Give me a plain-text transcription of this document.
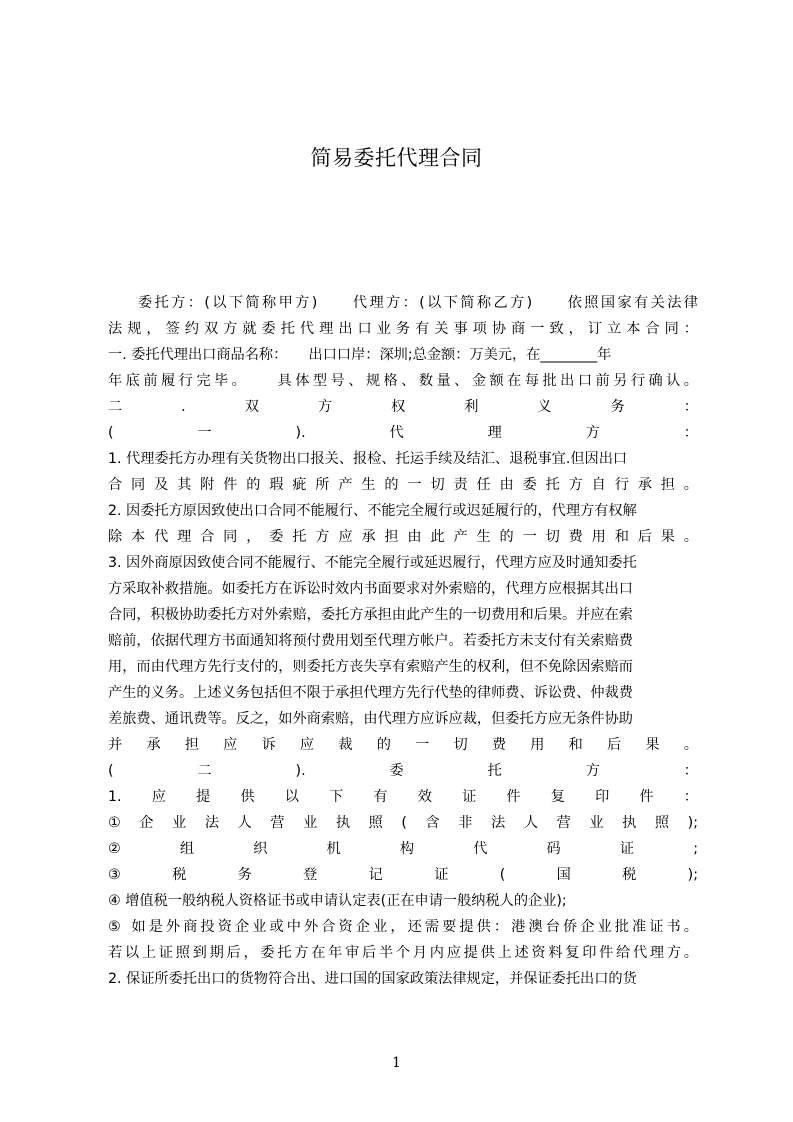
简易委托代理合同
委托方：(以下简称甲方)　　代理方：(以下简称乙方)　　依照国家有关法律
法规，签约双方就委托代理出口业务有关事项协商一致，订立本合同：
一. 委托代理出口商品名称：　　出口口岸：深圳;总金额：万美元，在________年
年底前履行完毕。　　具体型号、规格、数量、金额在每批出口前另行确认。
二.双方权利义务：
(一).代理方：
1. 代理委托方办理有关货物出口报关、报检、托运手续及结汇、退税事宜.但因出口
合同及其附件的瑕疵所产生的一切责任由委托方自行承担。
2. 因委托方原因致使出口合同不能履行、不能完全履行或迟延履行的，代理方有权解
除本代理合同，委托方应承担由此产生的一切费用和后果。
3. 因外商原因致使合同不能履行、不能完全履行或延迟履行，代理方应及时通知委托
方采取补救措施。如委托方在诉讼时效内书面要求对外索赔的，代理方应根据其出口
合同，积极协助委托方对外索赔，委托方承担由此产生的一切费用和后果。并应在索
赔前，依据代理方书面通知将预付费用划至代理方帐户。若委托方未支付有关索赔费
用，而由代理方先行支付的，则委托方丧失享有索赔产生的权利，但不免除因索赔而
产生的义务。上述义务包括但不限于承担代理方先行代垫的律师费、诉讼费、仲裁费
差旅费、通讯费等。反之，如外商索赔，由代理方应诉应裁，但委托方应无条件协助
并承担应诉应裁的一切费用和后果。
(二).委托方：
1.应提供以下有效证件复印件：
①企业法人营业执照(含非法人营业执照);
②组织机构代码证;
③税务登记证(国税);
④ 增值税一般纳税人资格证书或申请认定表(正在申请一般纳税人的企业);
⑤ 如是外商投资企业或中外合资企业，还需要提供：港澳台侨企业批准证书。
若以上证照到期后，委托方在年审后半个月内应提供上述资料复印件给代理方。
2. 保证所委托出口的货物符合出、进口国的国家政策法律规定，并保证委托出口的货
1
